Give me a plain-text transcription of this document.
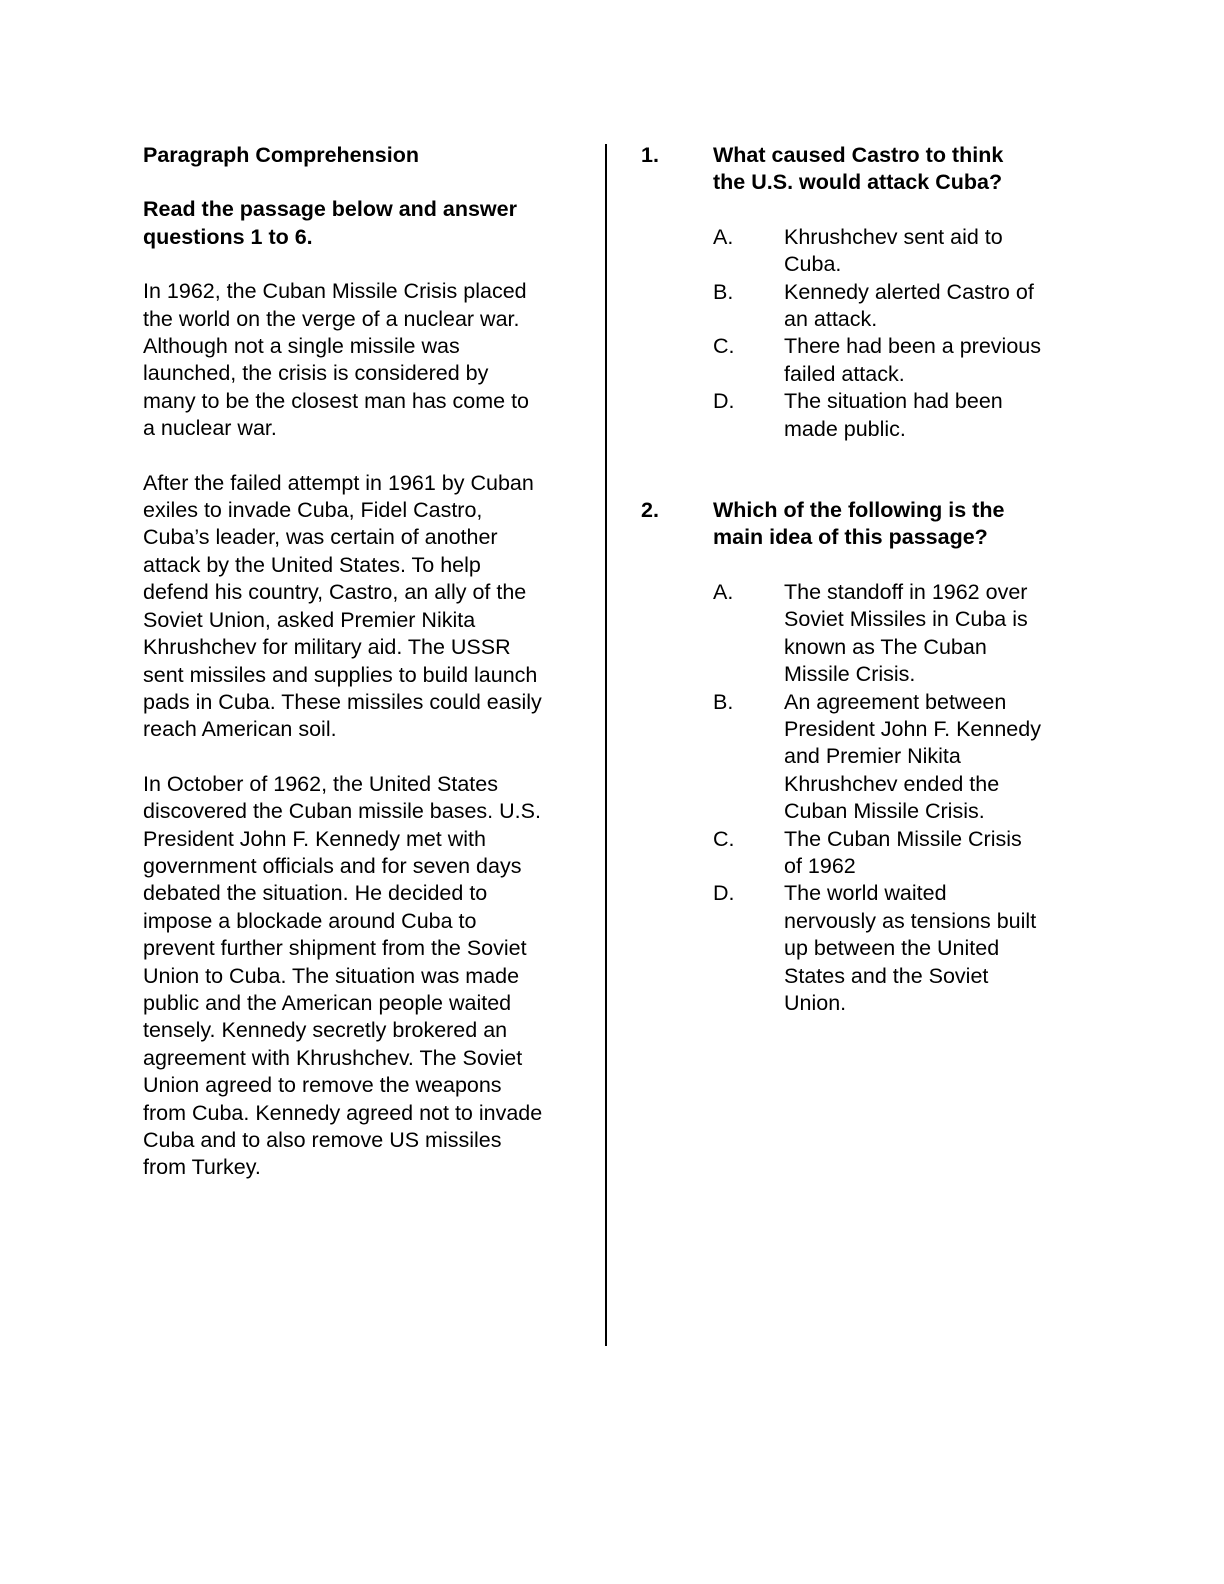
Paragraph Comprehension

Read the passage below and answer questions 1 to 6.

In 1962, the Cuban Missile Crisis placed the world on the verge of a nuclear war. Although not a single missile was launched, the crisis is considered by many to be the closest man has come to a nuclear war.

After the failed attempt in 1961 by Cuban exiles to invade Cuba, Fidel Castro, Cuba’s leader, was certain of another attack by the United States. To help defend his country, Castro, an ally of the Soviet Union, asked Premier Nikita Khrushchev for military aid. The USSR sent missiles and supplies to build launch pads in Cuba. These missiles could easily reach American soil.

In October of 1962, the United States discovered the Cuban missile bases. U.S. President John F. Kennedy met with government officials and for seven days debated the situation. He decided to impose a blockade around Cuba to prevent further shipment from the Soviet Union to Cuba. The situation was made public and the American people waited tensely. Kennedy secretly brokered an agreement with Khrushchev. The Soviet Union agreed to remove the weapons from Cuba. Kennedy agreed not to invade Cuba and to also remove US missiles from Turkey.

1.	What caused Castro to think the U.S. would attack Cuba?
A. Khrushchev sent aid to Cuba.
B. Kennedy alerted Castro of an attack.
C. There had been a previous failed attack.
D. The situation had been made public.
2.	Which of the following is the main idea of this passage?
A. The standoff in 1962 over Soviet Missiles in Cuba is known as The Cuban Missile Crisis.
B. An agreement between President John F. Kennedy and Premier Nikita Khrushchev ended the Cuban Missile Crisis.
C. The Cuban Missile Crisis of 1962
D. The world waited nervously as tensions built up between the United States and the Soviet Union.
